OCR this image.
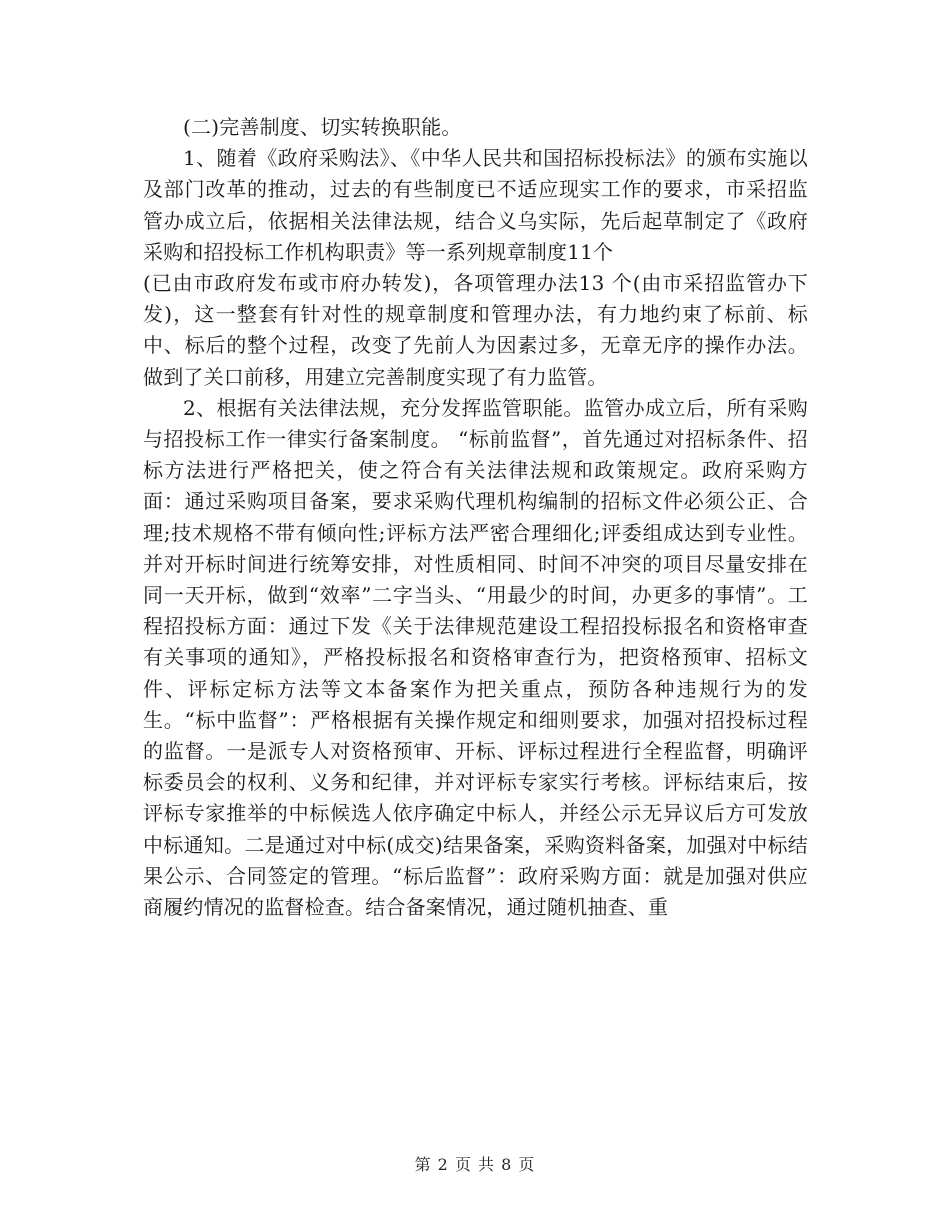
(二)完善制度、切实转换职能。

1、随着《政府采购法》、《中华人民共和国招标投标法》的颁布实施以及部门改革的推动，过去的有些制度已不适应现实工作的要求，市采招监管办成立后，依据相关法律法规，结合义乌实际，先后起草制定了《政府采购和招投标工作机构职责》等一系列规章制度11个
(已由市政府发布或市府办转发)，各项管理办法13 个(由市采招监管办下发)，这一整套有针对性的规章制度和管理办法，有力地约束了标前、标中、标后的整个过程，改变了先前人为因素过多，无章无序的操作办法。做到了关口前移，用建立完善制度实现了有力监管。

2、根据有关法律法规，充分发挥监管职能。监管办成立后，所有采购与招投标工作一律实行备案制度。 “标前监督”，首先通过对招标条件、招标方法进行严格把关，使之符合有关法律法规和政策规定。政府采购方面：通过采购项目备案，要求采购代理机构编制的招标文件必须公正、合理;技术规格不带有倾向性;评标方法严密合理细化;评委组成达到专业性。并对开标时间进行统筹安排，对性质相同、时间不冲突的项目尽量安排在同一天开标，做到“效率”二字当头、“用最少的时间，办更多的事情”。工程招投标方面：通过下发《关于法律规范建设工程招投标报名和资格审查有关事项的通知》，严格投标报名和资格审查行为，把资格预审、招标文件、评标定标方法等文本备案作为把关重点，预防各种违规行为的发生。“标中监督”：严格根据有关操作规定和细则要求，加强对招投标过程的监督。一是派专人对资格预审、开标、评标过程进行全程监督，明确评标委员会的权利、义务和纪律，并对评标专家实行考核。评标结束后，按评标专家推举的中标候选人依序确定中标人，并经公示无异议后方可发放中标通知。二是通过对中标(成交)结果备案，采购资料备案，加强对中标结果公示、合同签定的管理。“标后监督”：政府采购方面：就是加强对供应商履约情况的监督检查。结合备案情况，通过随机抽查、重

第 2 页 共 8 页
